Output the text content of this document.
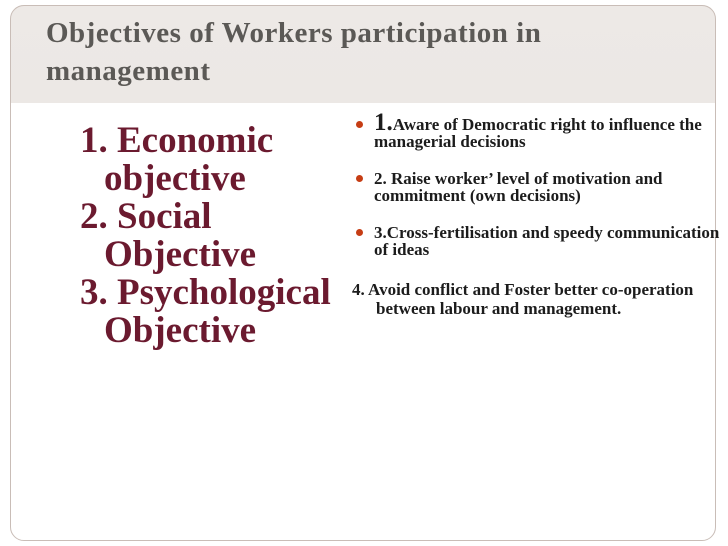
Objectives of Workers participation in management
1. Economic objective
2. Social Objective
3. Psychological Objective
1.Aware of Democratic right to influence the managerial decisions
2. Raise worker’ level of motivation and commitment (own decisions)
3.Cross-fertilisation and speedy communication of ideas
4. Avoid conflict and Foster better co-operation between labour and management.
